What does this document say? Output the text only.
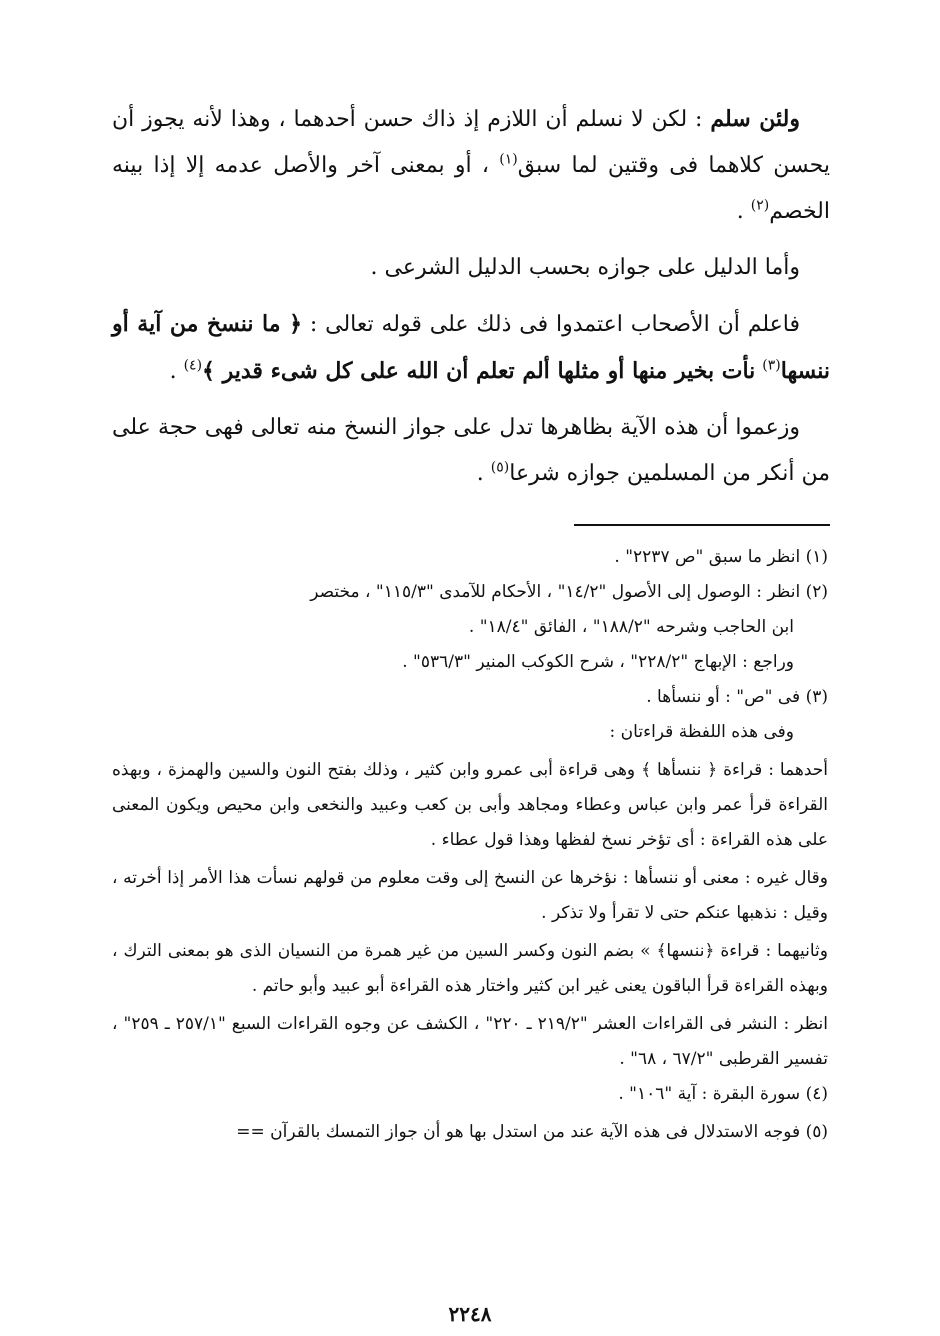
ولئن سلم : لكن لا نسلم أن اللازم إذ ذاك حسن أحدهما ، وهذا لأنه يجوز أن يحسن كلاهما فى وقتين لما سبق$^{(١)}$ ، أو بمعنى آخر والأصل عدمه إلا إذا بينه الخصم$^{(٢)}$ .

وأما الدليل على جوازه بحسب الدليل الشرعى .

فاعلم أن الأصحاب اعتمدوا فى ذلك على قوله تعالى : ﴿ ما ننسخ من آية أو ننسها$^{(٣)}$ نأت بخير منها أو مثلها ألم تعلم أن الله على كل شىء قدير ﴾$^{(٤)}$ .

وزعموا أن هذه الآية بظاهرها تدل على جواز النسخ منه تعالى فهى حجة على من أنكر من المسلمين جوازه شرعا$^{(٥)}$ .

(١) انظر ما سبق "ص ٢٢٣٧" .

(٢) انظر : الوصول إلى الأصول "١٤/٢" ، الأحكام للآمدى "١١٥/٣" ، مختصر

ابن الحاجب وشرحه "١٨٨/٢" ، الفائق "١٨/٤" .

وراجع : الإبهاج "٢٢٨/٢" ، شرح الكوكب المنير "٥٣٦/٣" .

(٣) فى "ص" : أو ننسأها .

وفى هذه اللفظة قراءتان :

أحدهما : قراءة ﴿ ننسأها ﴾ وهى قراءة أبى عمرو وابن كثير ، وذلك بفتح النون والسين والهمزة ، وبهذه القراءة قرأ عمر وابن عباس وعطاء ومجاهد وأبى بن كعب وعبيد والنخعى وابن محيص ويكون المعنى على هذه القراءة : أى تؤخر نسخ لفظها وهذا قول عطاء .

وقال غيره : معنى أو ننسأها : نؤخرها عن النسخ إلى وقت معلوم من قولهم نسأت هذا الأمر إذا أخرته ، وقيل : نذهبها عنكم حتى لا تقرأ ولا تذكر .

وثانيهما : قراءة ﴿ننسها﴾ » بضم النون وكسر السين من غير همرة من النسيان الذى هو بمعنى الترك ، وبهذه القراءة قرأ الباقون يعنى غير ابن كثير واختار هذه القراءة أبو عبيد وأبو حاتم .

انظر : النشر فى القراءات العشر "٢١٩/٢ ـ ٢٢٠" ، الكشف عن وجوه القراءات السبع "٢٥٧/١ ـ ٢٥٩" ، تفسير القرطبى "٦٧/٢ ، ٦٨" .

(٤) سورة البقرة : آية "١٠٦" .

(٥) فوجه الاستدلال فى هذه الآية عند من استدل بها هو أن جواز التمسك بالقرآن ==

٢٢٤٨
